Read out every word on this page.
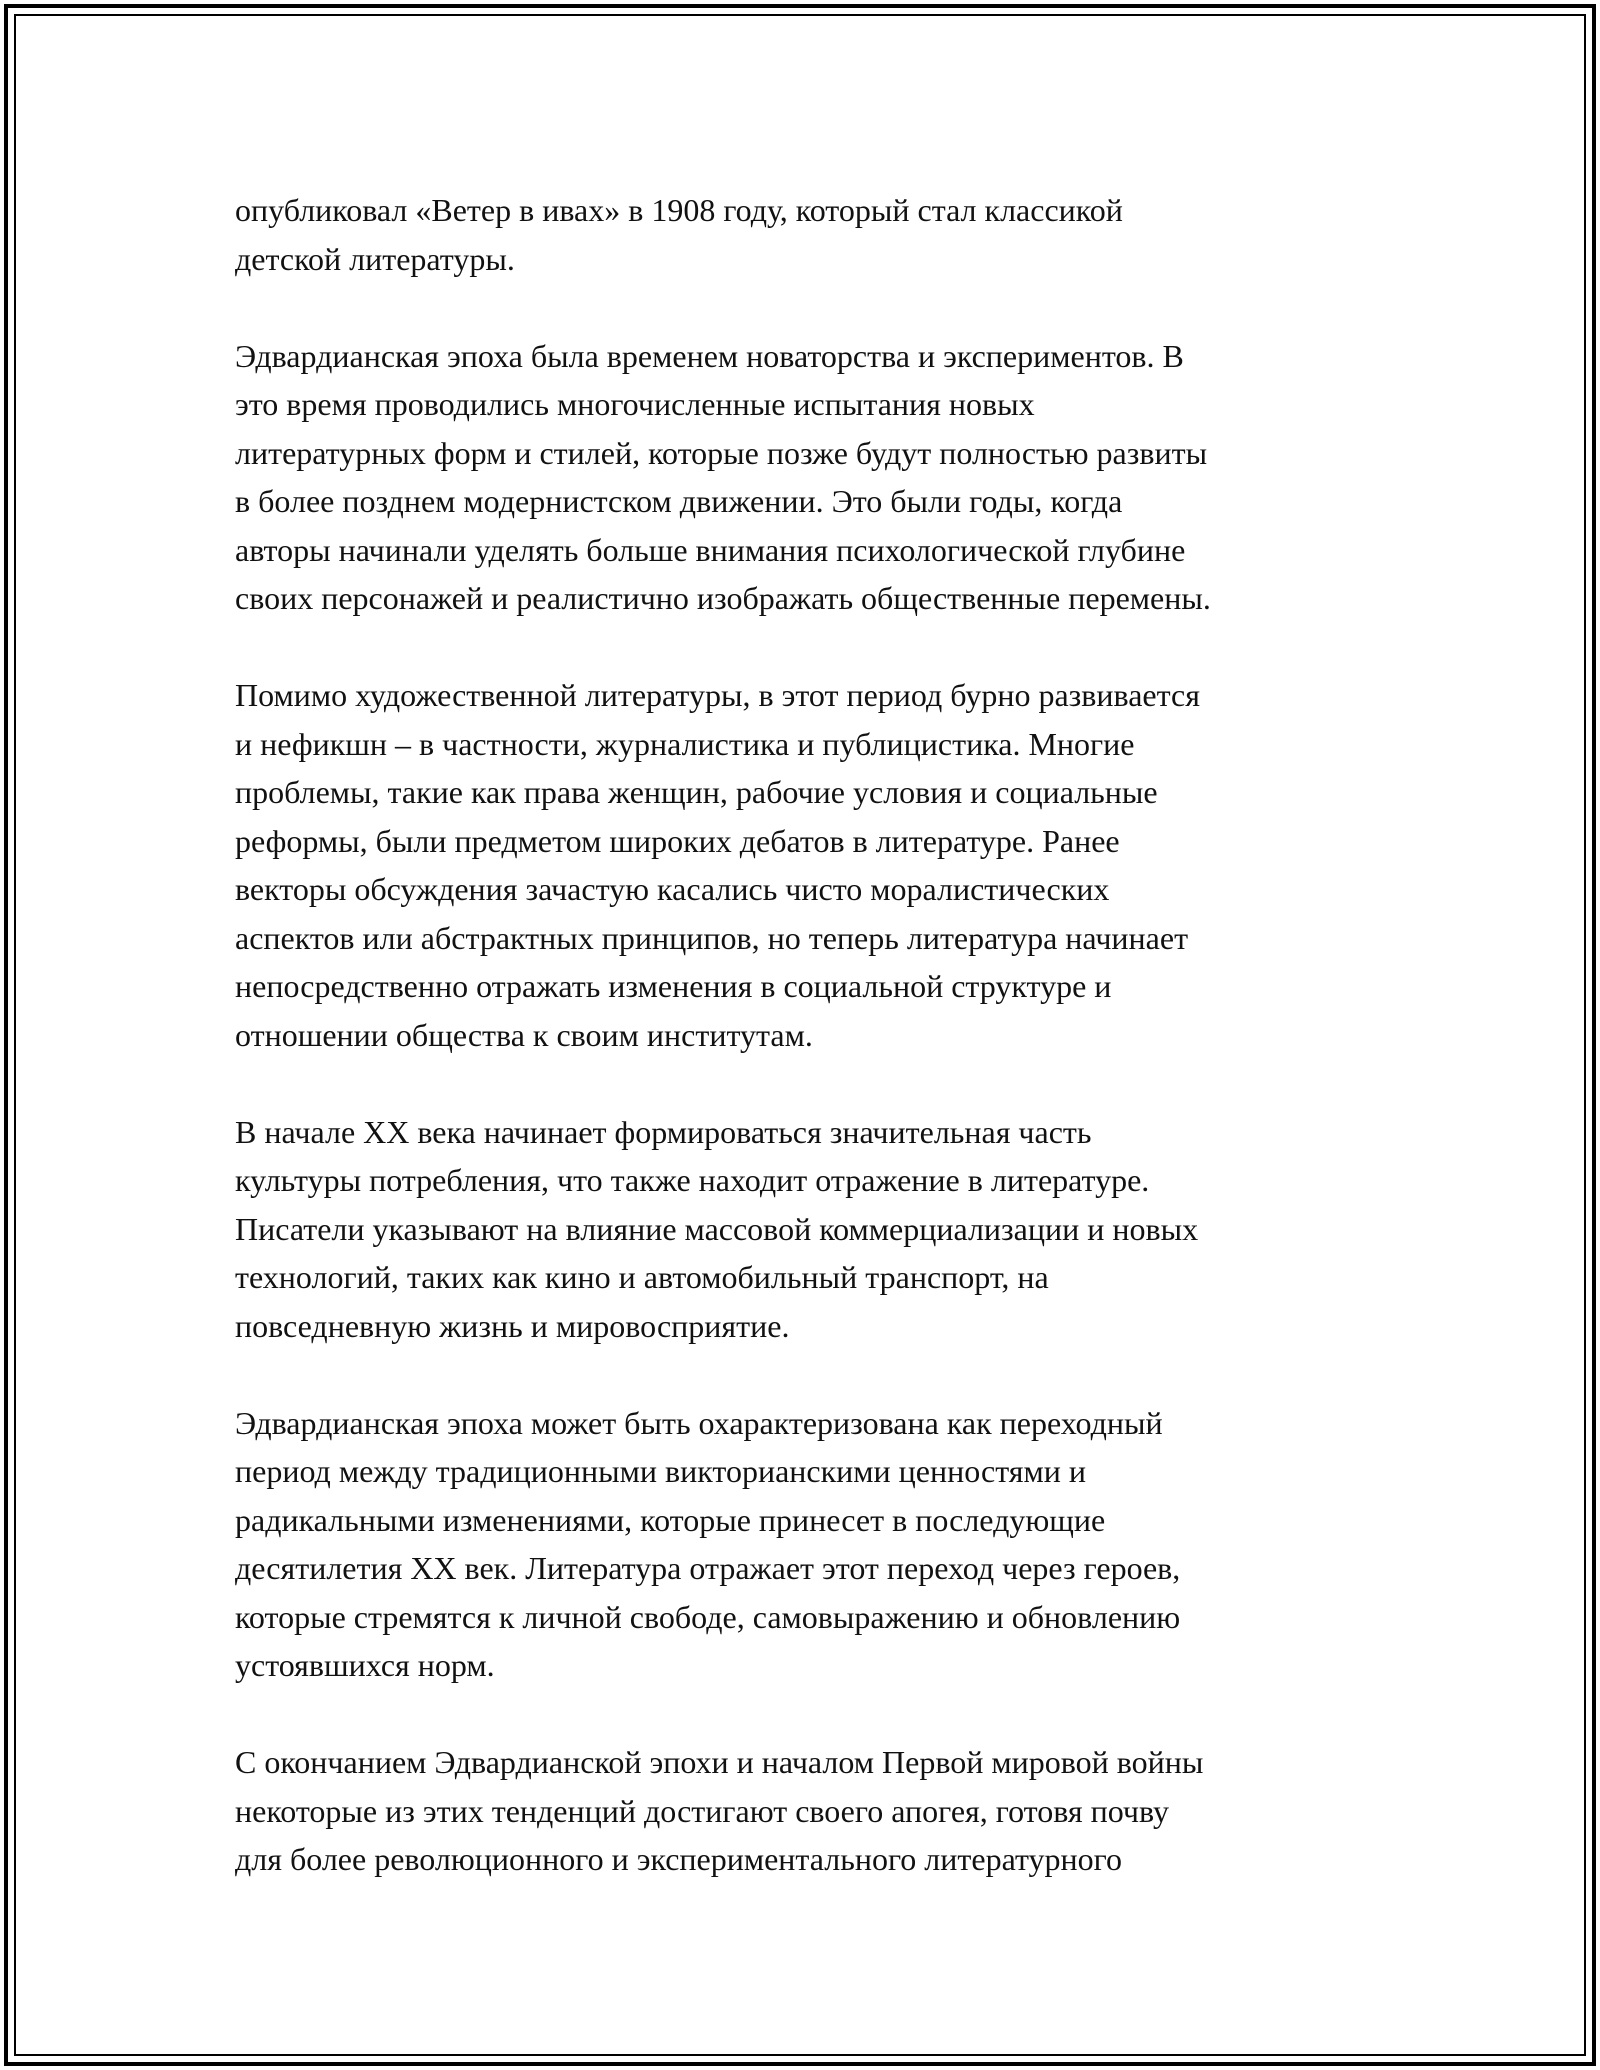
опубликовал «Ветер в ивах» в 1908 году, который стал классикой
детской литературы.

Эдвардианская эпоха была временем новаторства и экспериментов. В
это время проводились многочисленные испытания новых
литературных форм и стилей, которые позже будут полностью развиты
в более позднем модернистском движении. Это были годы, когда
авторы начинали уделять больше внимания психологической глубине
своих персонажей и реалистично изображать общественные перемены.

Помимо художественной литературы, в этот период бурно развивается
и нефикшн – в частности, журналистика и публицистика. Многие
проблемы, такие как права женщин, рабочие условия и социальные
реформы, были предметом широких дебатов в литературе. Ранее
векторы обсуждения зачастую касались чисто моралистических
аспектов или абстрактных принципов, но теперь литература начинает
непосредственно отражать изменения в социальной структуре и
отношении общества к своим институтам.

В начале XX века начинает формироваться значительная часть
культуры потребления, что также находит отражение в литературе.
Писатели указывают на влияние массовой коммерциализации и новых
технологий, таких как кино и автомобильный транспорт, на
повседневную жизнь и мировосприятие.

Эдвардианская эпоха может быть охарактеризована как переходный
период между традиционными викторианскими ценностями и
радикальными изменениями, которые принесет в последующие
десятилетия XX век. Литература отражает этот переход через героев,
которые стремятся к личной свободе, самовыражению и обновлению
устоявшихся норм.

С окончанием Эдвардианской эпохи и началом Первой мировой войны
некоторые из этих тенденций достигают своего апогея, готовя почву
для более революционного и экспериментального литературного
